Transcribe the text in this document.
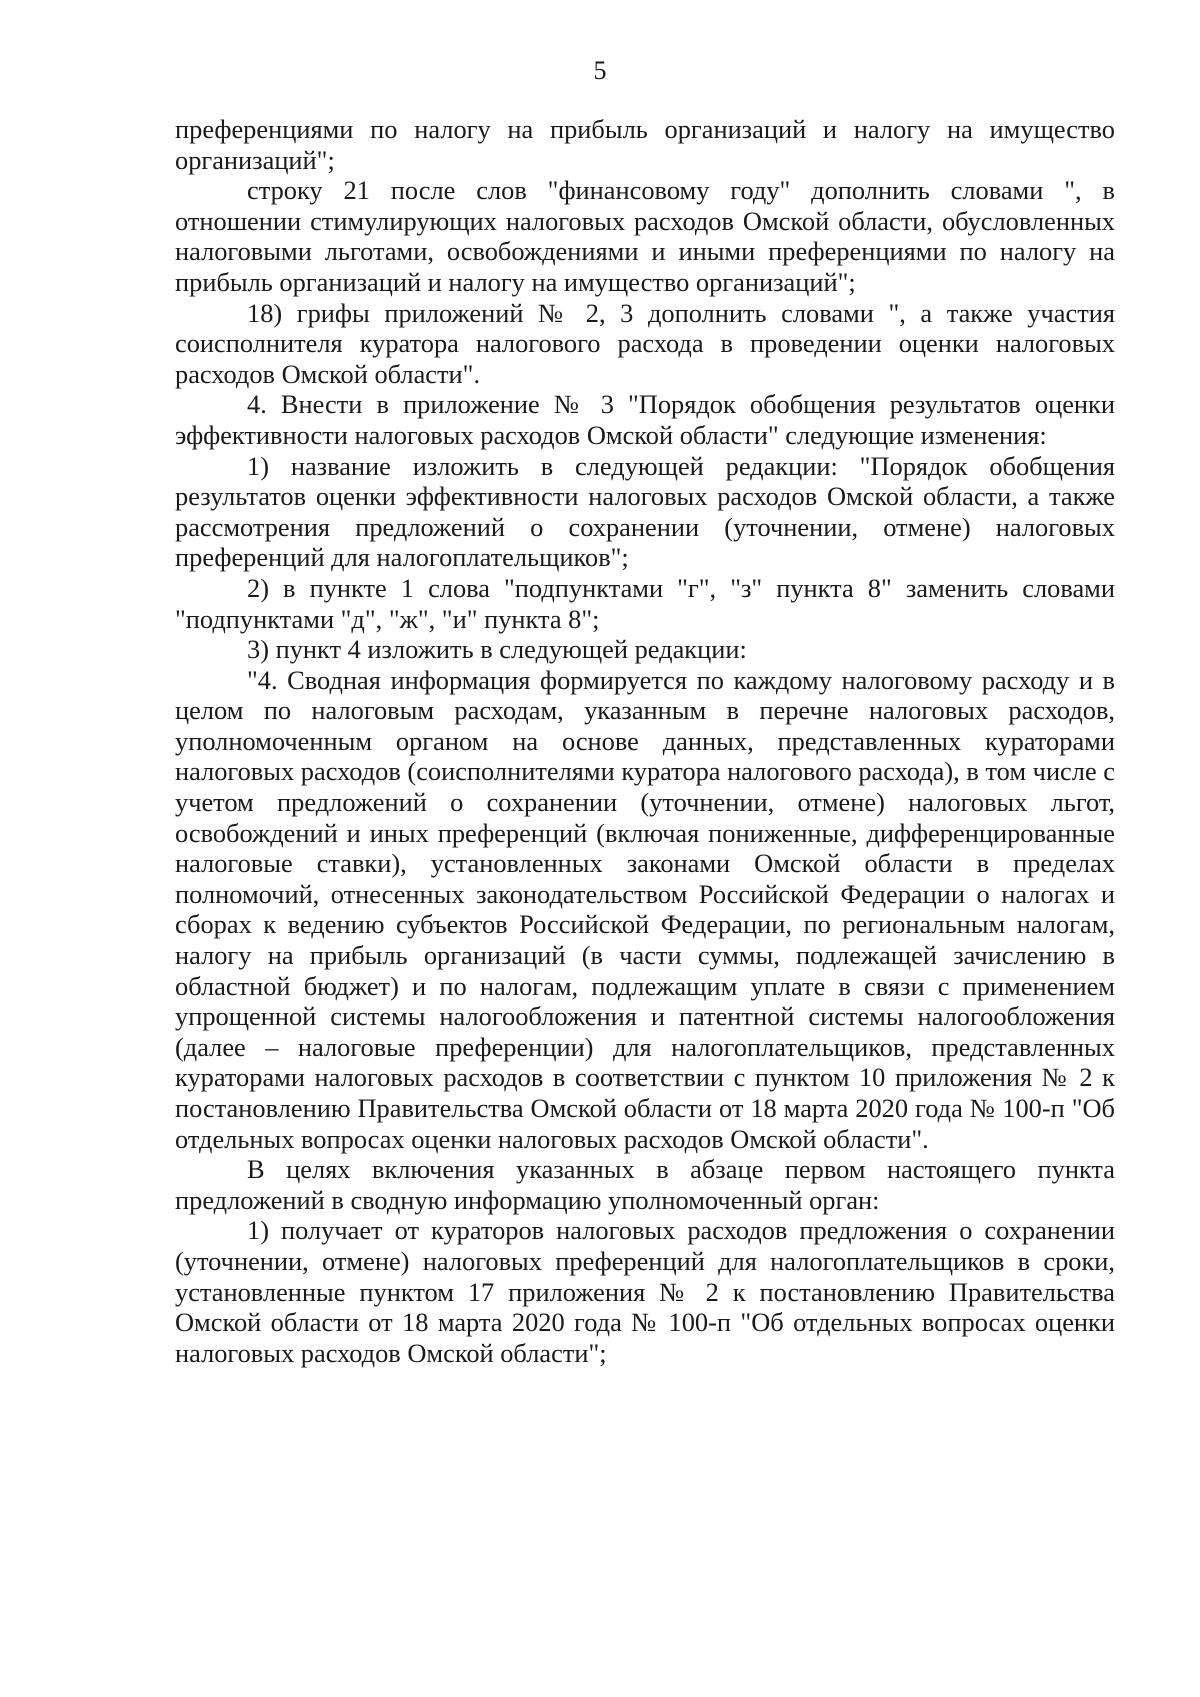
5

преференциями по налогу на прибыль организаций и налогу на имущество организаций";

строку 21 после слов "финансовому году" дополнить словами ", в отношении стимулирующих налоговых расходов Омской области, обусловленных налоговыми льготами, освобождениями и иными преференциями по налогу на прибыль организаций и налогу на имущество организаций";

18) грифы приложений № 2, 3 дополнить словами ", а также участия соисполнителя куратора налогового расхода в проведении оценки налоговых расходов Омской области".

4. Внести в приложение № 3 "Порядок обобщения результатов оценки эффективности налоговых расходов Омской области" следующие изменения:

1) название изложить в следующей редакции: "Порядок обобщения результатов оценки эффективности налоговых расходов Омской области, а также рассмотрения предложений о сохранении (уточнении, отмене) налоговых преференций для налогоплательщиков";

2) в пункте 1 слова "подпунктами "г", "з" пункта 8" заменить словами "подпунктами "д", "ж", "и" пункта 8";

3) пункт 4 изложить в следующей редакции:

"4. Сводная информация формируется по каждому налоговому расходу и в целом по налоговым расходам, указанным в перечне налоговых расходов, уполномоченным органом на основе данных, представленных кураторами налоговых расходов (соисполнителями куратора налогового расхода), в том числе с учетом предложений о сохранении (уточнении, отмене) налоговых льгот, освобождений и иных преференций (включая пониженные, дифференцированные налоговые ставки), установленных законами Омской области в пределах полномочий, отнесенных законодательством Российской Федерации о налогах и сборах к ведению субъектов Российской Федерации, по региональным налогам, налогу на прибыль организаций (в части суммы, подлежащей зачислению в областной бюджет) и по налогам, подлежащим уплате в связи с применением упрощенной системы налогообложения и патентной системы налогообложения (далее – налоговые преференции) для налогоплательщиков, представленных кураторами налоговых расходов в соответствии с пунктом 10 приложения № 2 к постановлению Правительства Омской области от 18 марта 2020 года № 100-п "Об отдельных вопросах оценки налоговых расходов Омской области".

В целях включения указанных в абзаце первом настоящего пункта предложений в сводную информацию уполномоченный орган:

1) получает от кураторов налоговых расходов предложения о сохранении (уточнении, отмене) налоговых преференций для налогоплательщиков в сроки, установленные пунктом 17 приложения № 2 к постановлению Правительства Омской области от 18 марта 2020 года № 100-п "Об отдельных вопросах оценки налоговых расходов Омской области";
